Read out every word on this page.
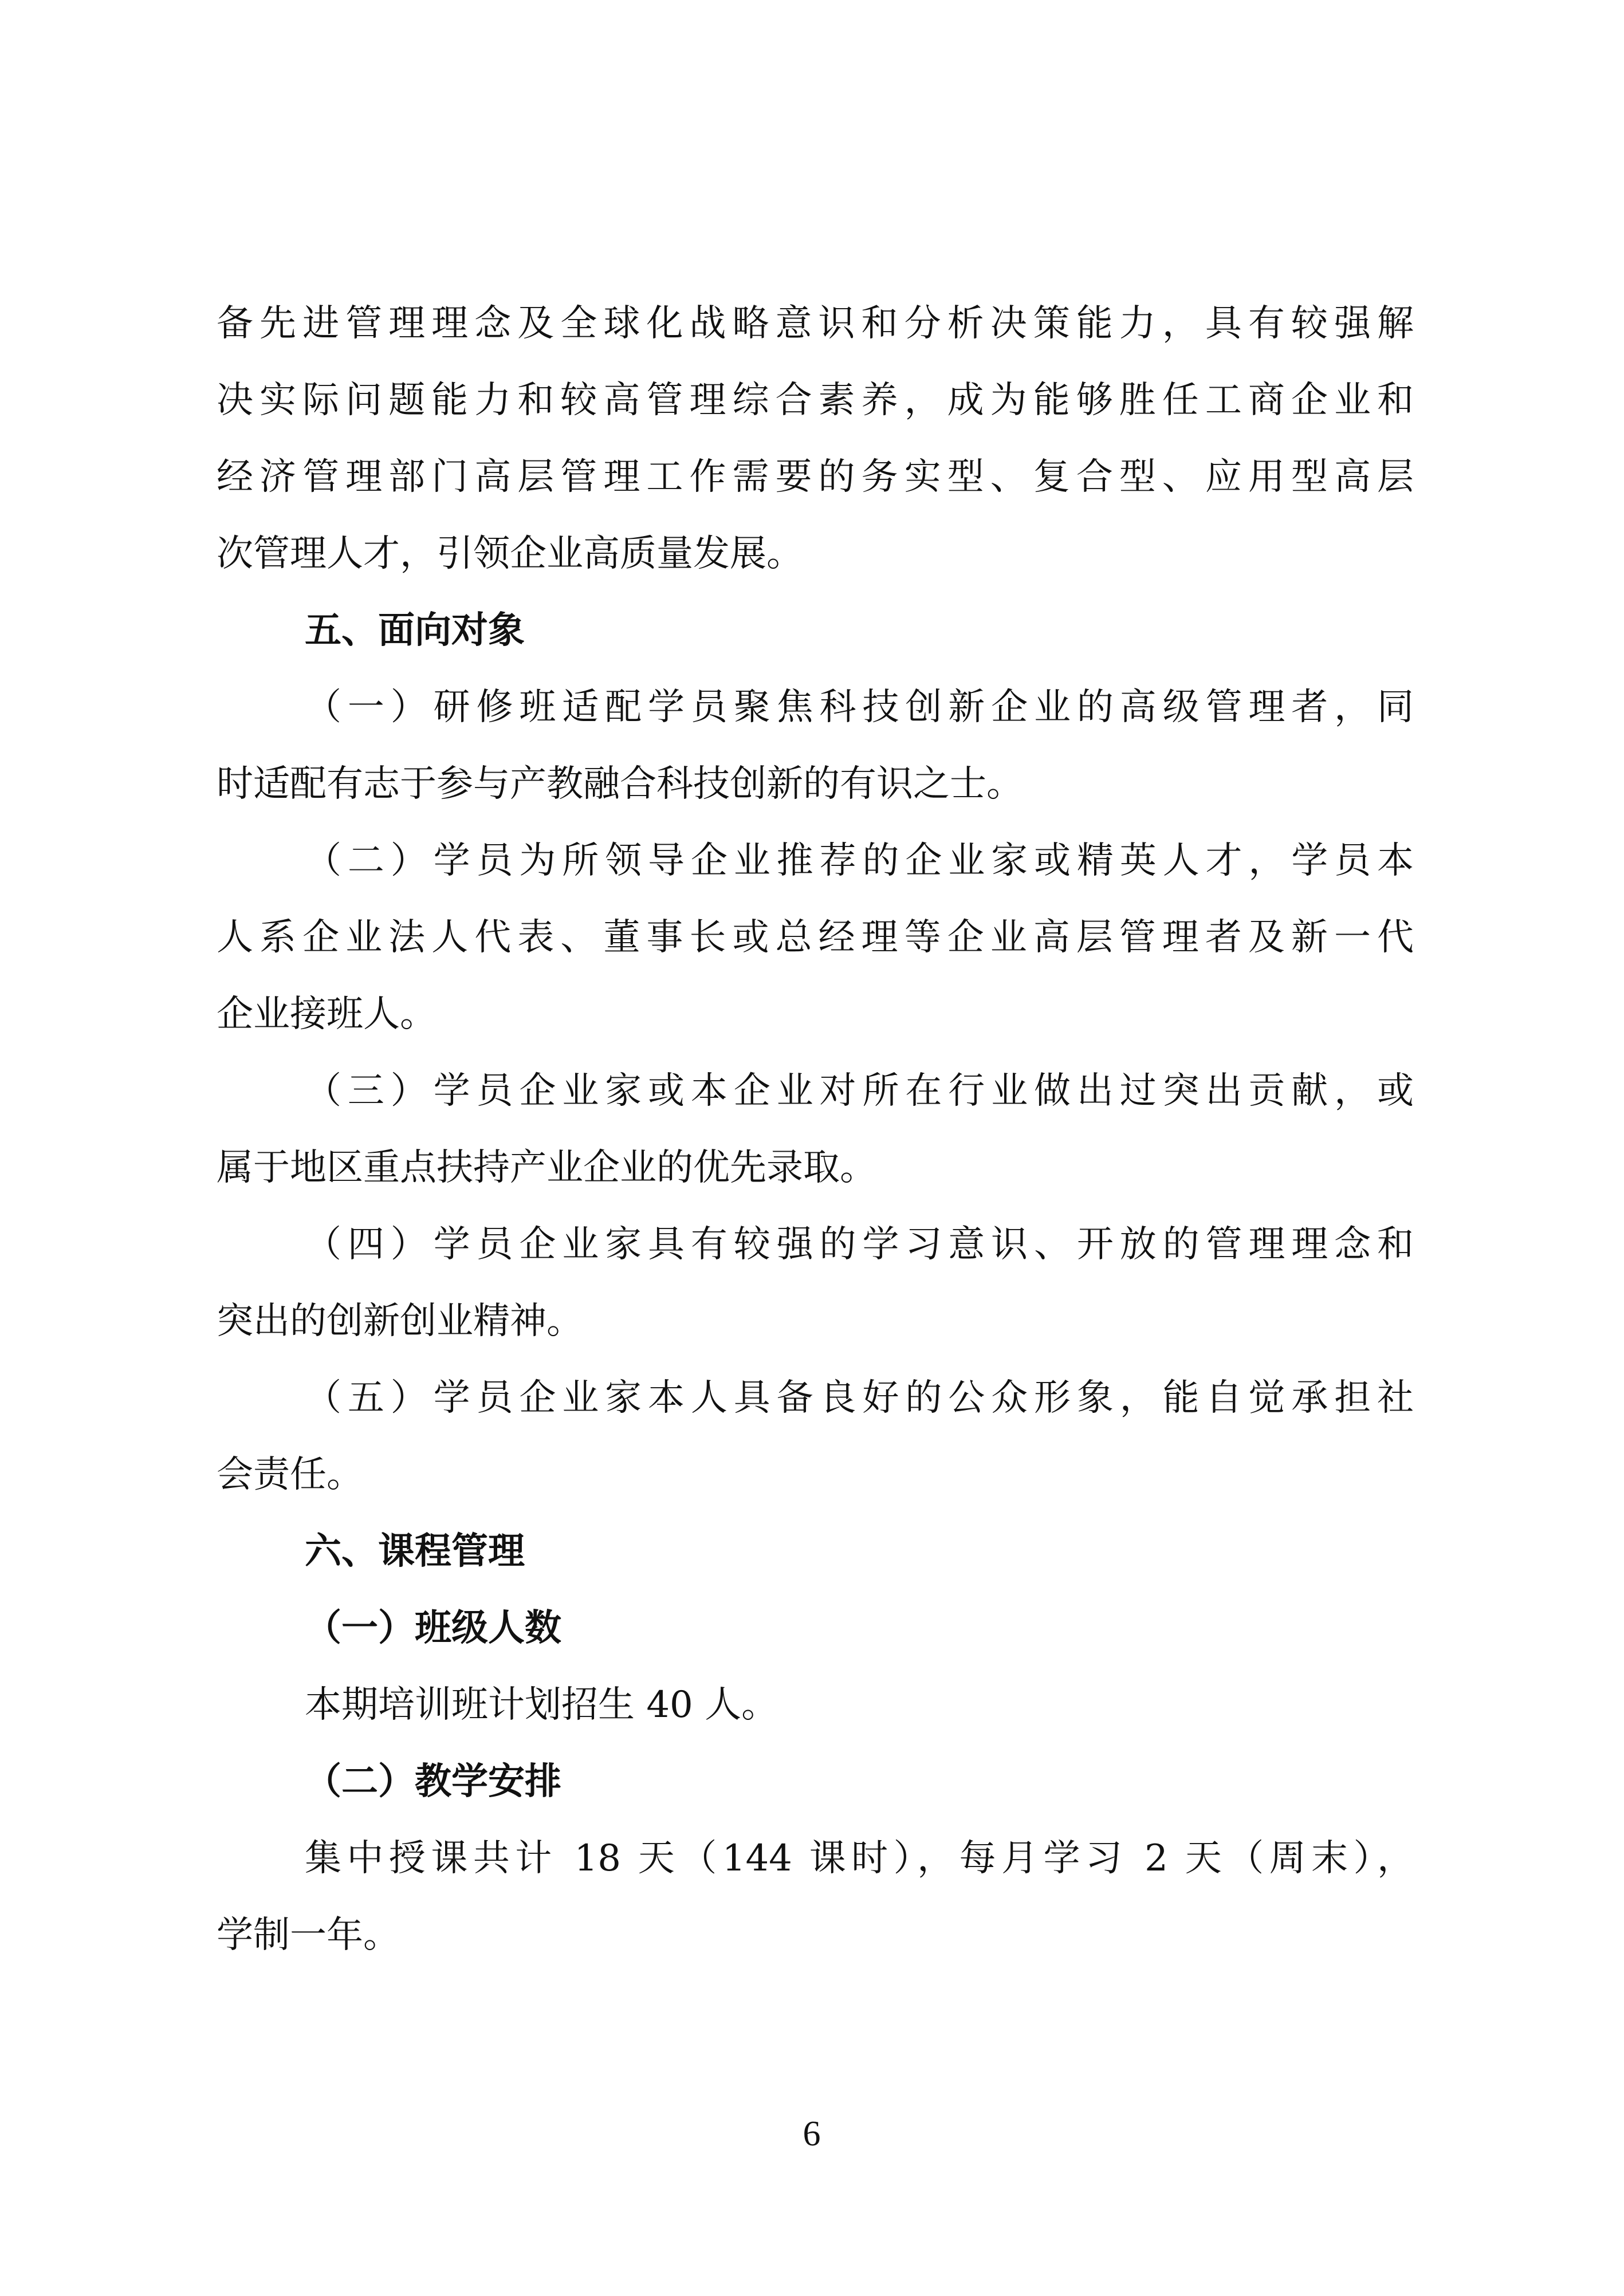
备先进管理理念及全球化战略意识和分析决策能力，具有较强解
决实际问题能力和较高管理综合素养，成为能够胜任工商企业和
经济管理部门高层管理工作需要的务实型、复合型、应用型高层
次管理人才，引领企业高质量发展。
五、面向对象
（一）研修班适配学员聚焦科技创新企业的高级管理者，同
时适配有志于参与产教融合科技创新的有识之士。
（二）学员为所领导企业推荐的企业家或精英人才，学员本
人系企业法人代表、董事长或总经理等企业高层管理者及新一代
企业接班人。
（三）学员企业家或本企业对所在行业做出过突出贡献，或
属于地区重点扶持产业企业的优先录取。
（四）学员企业家具有较强的学习意识、开放的管理理念和
突出的创新创业精神。
（五）学员企业家本人具备良好的公众形象，能自觉承担社
会责任。
六、课程管理
（一）班级人数
本期培训班计划招生 40 人。
（二）教学安排
集中授课共计 18 天（144 课时），每月学习 2 天（周末），
学制一年。
6
